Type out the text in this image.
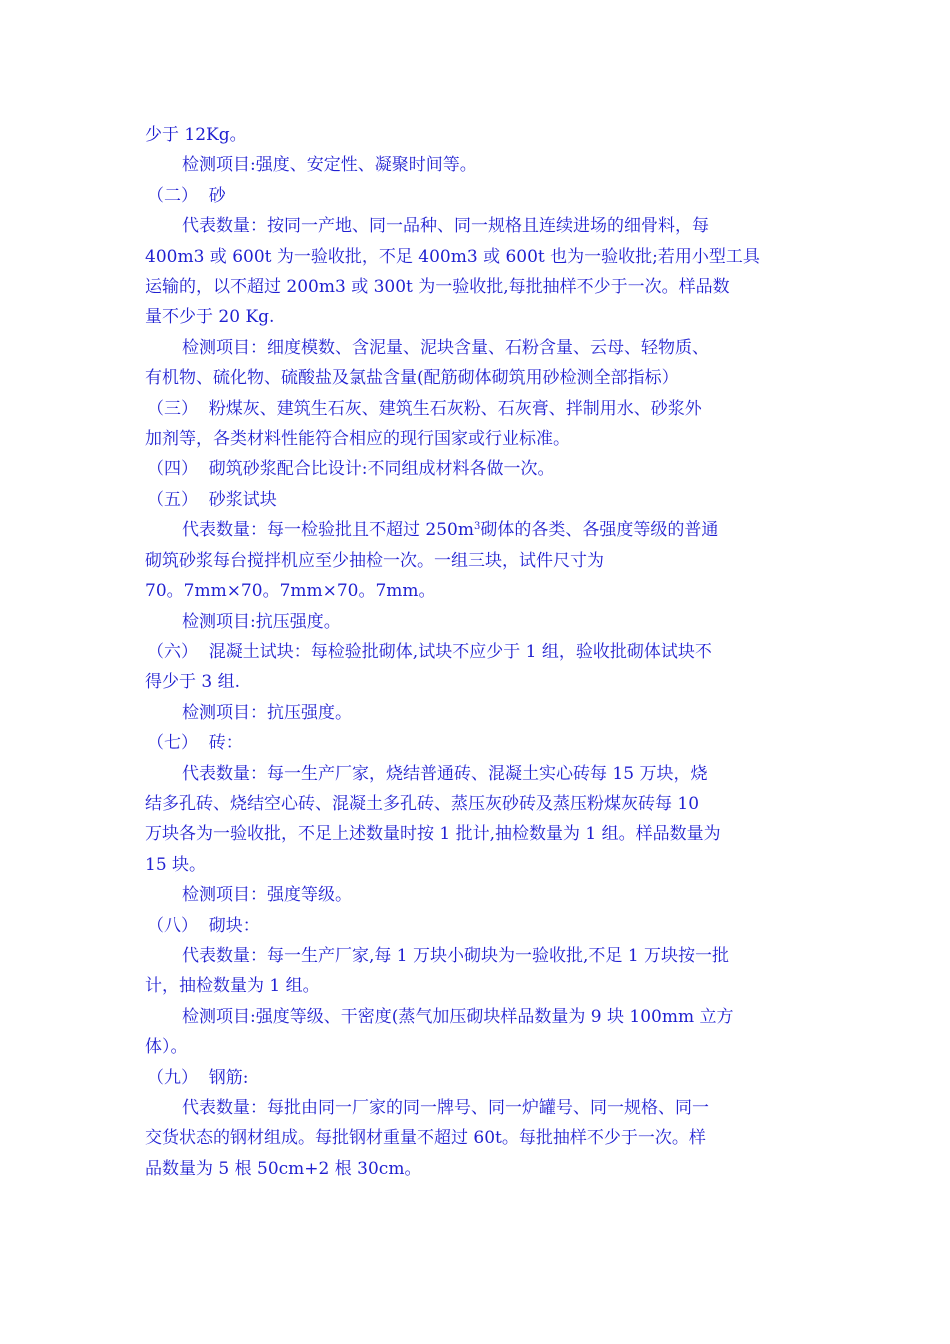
少于 12Kg。

检测项目:强度、安定性、凝聚时间等。

（二）  砂

代表数量：按同一产地、同一品种、同一规格且连续进场的细骨料，每

400m3 或 600t 为一验收批，不足 400m3 或 600t 也为一验收批;若用小型工具

运输的，以不超过 200m3 或 300t 为一验收批,每批抽样不少于一次。样品数

量不少于 20 Kg.

检测项目：细度模数、含泥量、泥块含量、石粉含量、云母、轻物质、

有机物、硫化物、硫酸盐及氯盐含量(配筋砌体砌筑用砂检测全部指标）

（三）  粉煤灰、建筑生石灰、建筑生石灰粉、石灰膏、拌制用水、砂浆外

加剂等，各类材料性能符合相应的现行国家或行业标准。

（四）  砌筑砂浆配合比设计:不同组成材料各做一次。

（五）  砂浆试块

代表数量：每一检验批且不超过 $250m^3$砌体的各类、各强度等级的普通

砌筑砂浆每台搅拌机应至少抽检一次。一组三块，试件尺寸为

70。7mm×70。7mm×70。7mm。

检测项目:抗压强度。

（六）  混凝土试块：每检验批砌体,试块不应少于 1 组，验收批砌体试块不

得少于 3 组.

检测项目：抗压强度。

（七）  砖：

代表数量：每一生产厂家，烧结普通砖、混凝土实心砖每 15 万块，烧

结多孔砖、烧结空心砖、混凝土多孔砖、蒸压灰砂砖及蒸压粉煤灰砖每 10

万块各为一验收批，不足上述数量时按 1 批计,抽检数量为 1 组。样品数量为

15 块。

检测项目：强度等级。

（八）  砌块：

代表数量：每一生产厂家,每 1 万块小砌块为一验收批,不足 1 万块按一批

计，抽检数量为 1 组。

检测项目:强度等级、干密度(蒸气加压砌块样品数量为 9 块 100mm 立方

体）。

（九）  钢筋:

代表数量：每批由同一厂家的同一牌号、同一炉罐号、同一规格、同一

交货状态的钢材组成。每批钢材重量不超过 60t。每批抽样不少于一次。样

品数量为 5 根 50cm+2 根 30cm。
